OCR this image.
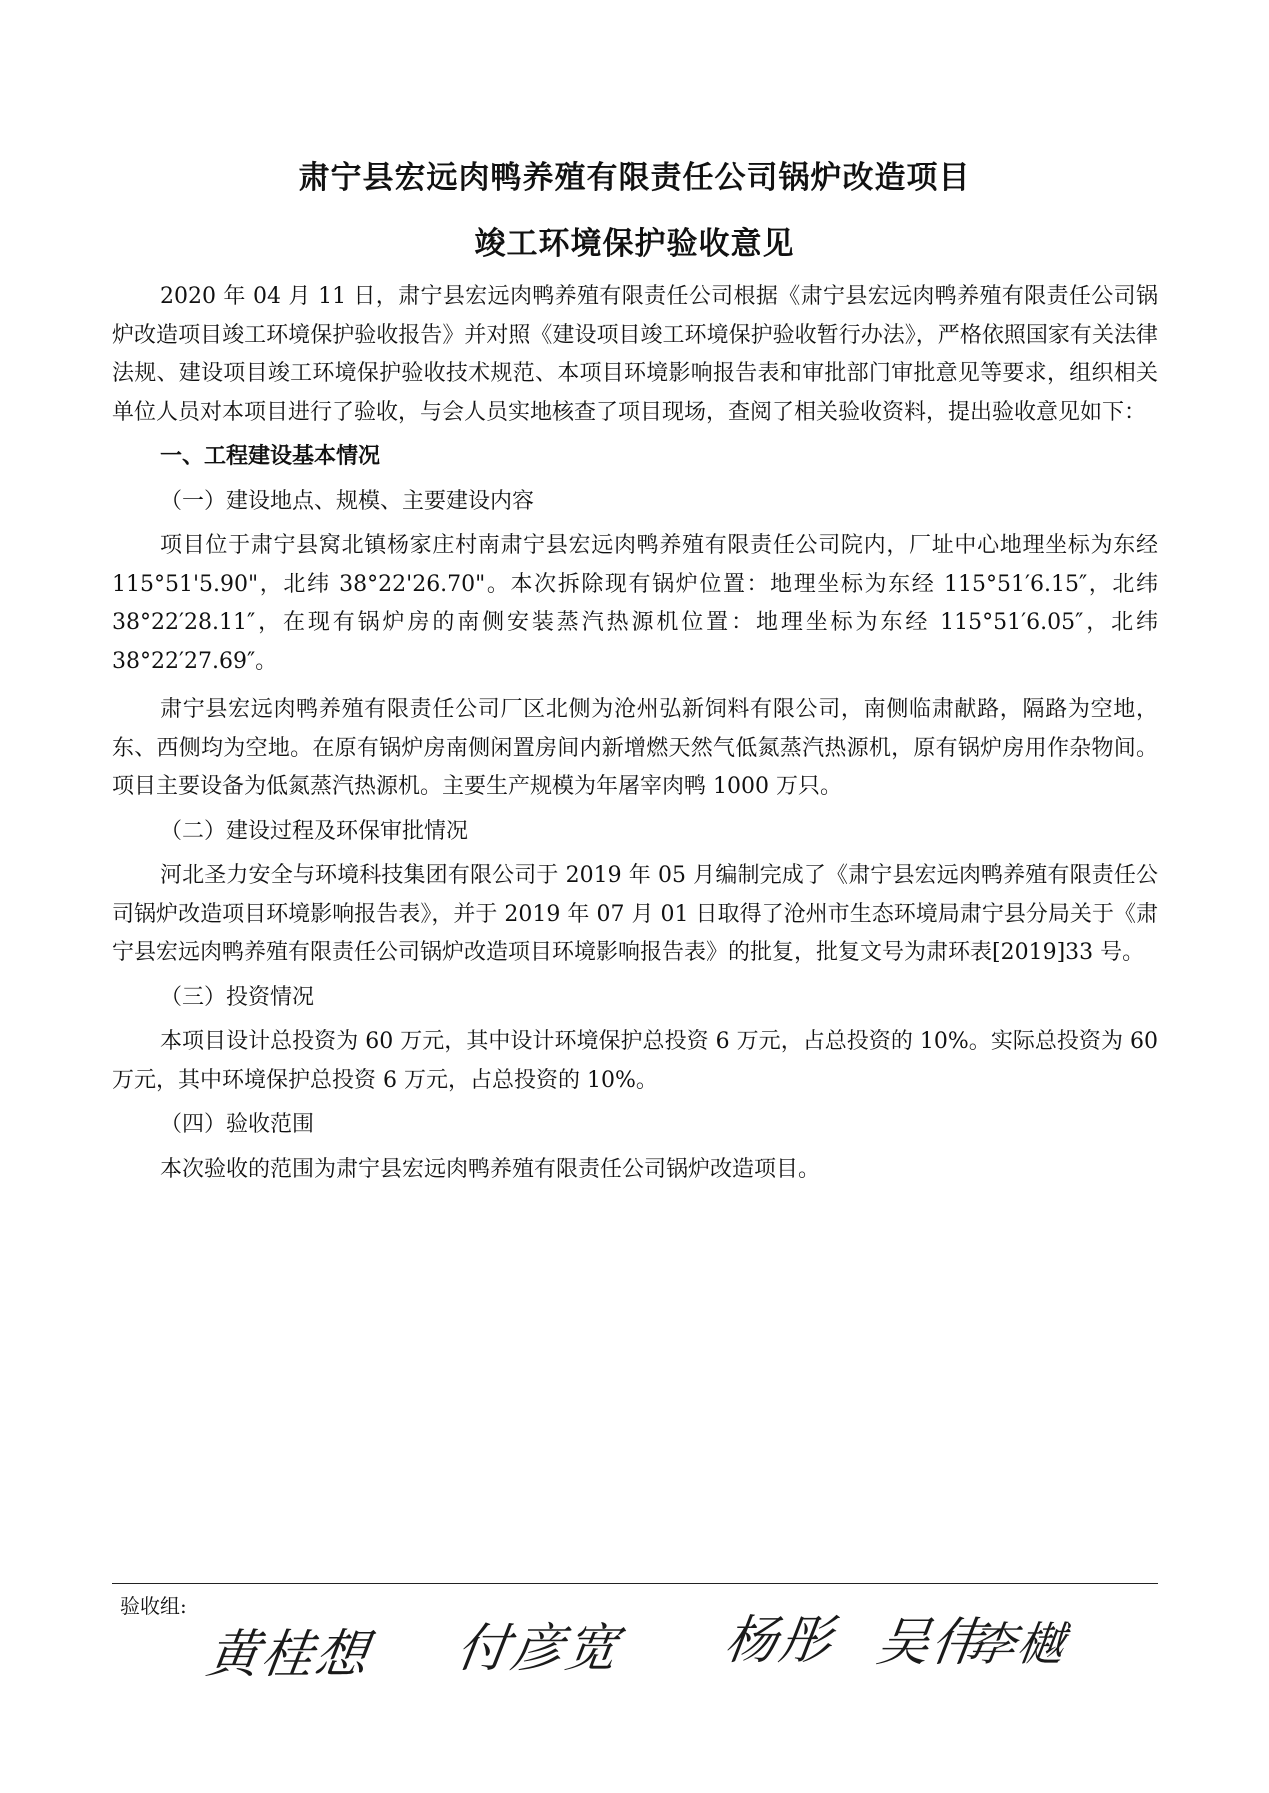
肃宁县宏远肉鸭养殖有限责任公司锅炉改造项目
竣工环境保护验收意见

2020 年 04 月 11 日，肃宁县宏远肉鸭养殖有限责任公司根据《肃宁县宏远肉鸭养殖有限责任公司锅炉改造项目竣工环境保护验收报告》并对照《建设项目竣工环境保护验收暂行办法》，严格依照国家有关法律法规、建设项目竣工环境保护验收技术规范、本项目环境影响报告表和审批部门审批意见等要求，组织相关单位人员对本项目进行了验收，与会人员实地核查了项目现场，查阅了相关验收资料，提出验收意见如下：

一、工程建设基本情况

（一）建设地点、规模、主要建设内容

项目位于肃宁县窝北镇杨家庄村南肃宁县宏远肉鸭养殖有限责任公司院内，厂址中心地理坐标为东经 115°51'5.90"，北纬 38°22'26.70"。本次拆除现有锅炉位置：地理坐标为东经 115°51′6.15″，北纬 38°22′28.11″，在现有锅炉房的南侧安装蒸汽热源机位置：地理坐标为东经 115°51′6.05″，北纬 38°22′27.69″。

肃宁县宏远肉鸭养殖有限责任公司厂区北侧为沧州弘新饲料有限公司，南侧临肃献路，隔路为空地，东、西侧均为空地。在原有锅炉房南侧闲置房间内新增燃天然气低氮蒸汽热源机，原有锅炉房用作杂物间。项目主要设备为低氮蒸汽热源机。主要生产规模为年屠宰肉鸭 1000 万只。

（二）建设过程及环保审批情况

河北圣力安全与环境科技集团有限公司于 2019 年 05 月编制完成了《肃宁县宏远肉鸭养殖有限责任公司锅炉改造项目环境影响报告表》，并于 2019 年 07 月 01 日取得了沧州市生态环境局肃宁县分局关于《肃宁县宏远肉鸭养殖有限责任公司锅炉改造项目环境影响报告表》的批复，批复文号为肃环表[2019]33 号。

（三）投资情况

本项目设计总投资为 60 万元，其中设计环境保护总投资 6 万元，占总投资的 10%。实际总投资为 60 万元，其中环境保护总投资 6 万元，占总投资的 10%。

（四）验收范围

本次验收的范围为肃宁县宏远肉鸭养殖有限责任公司锅炉改造项目。

验收组:
黄桂想 付彦宽 杨彤 吴伟
李樾
